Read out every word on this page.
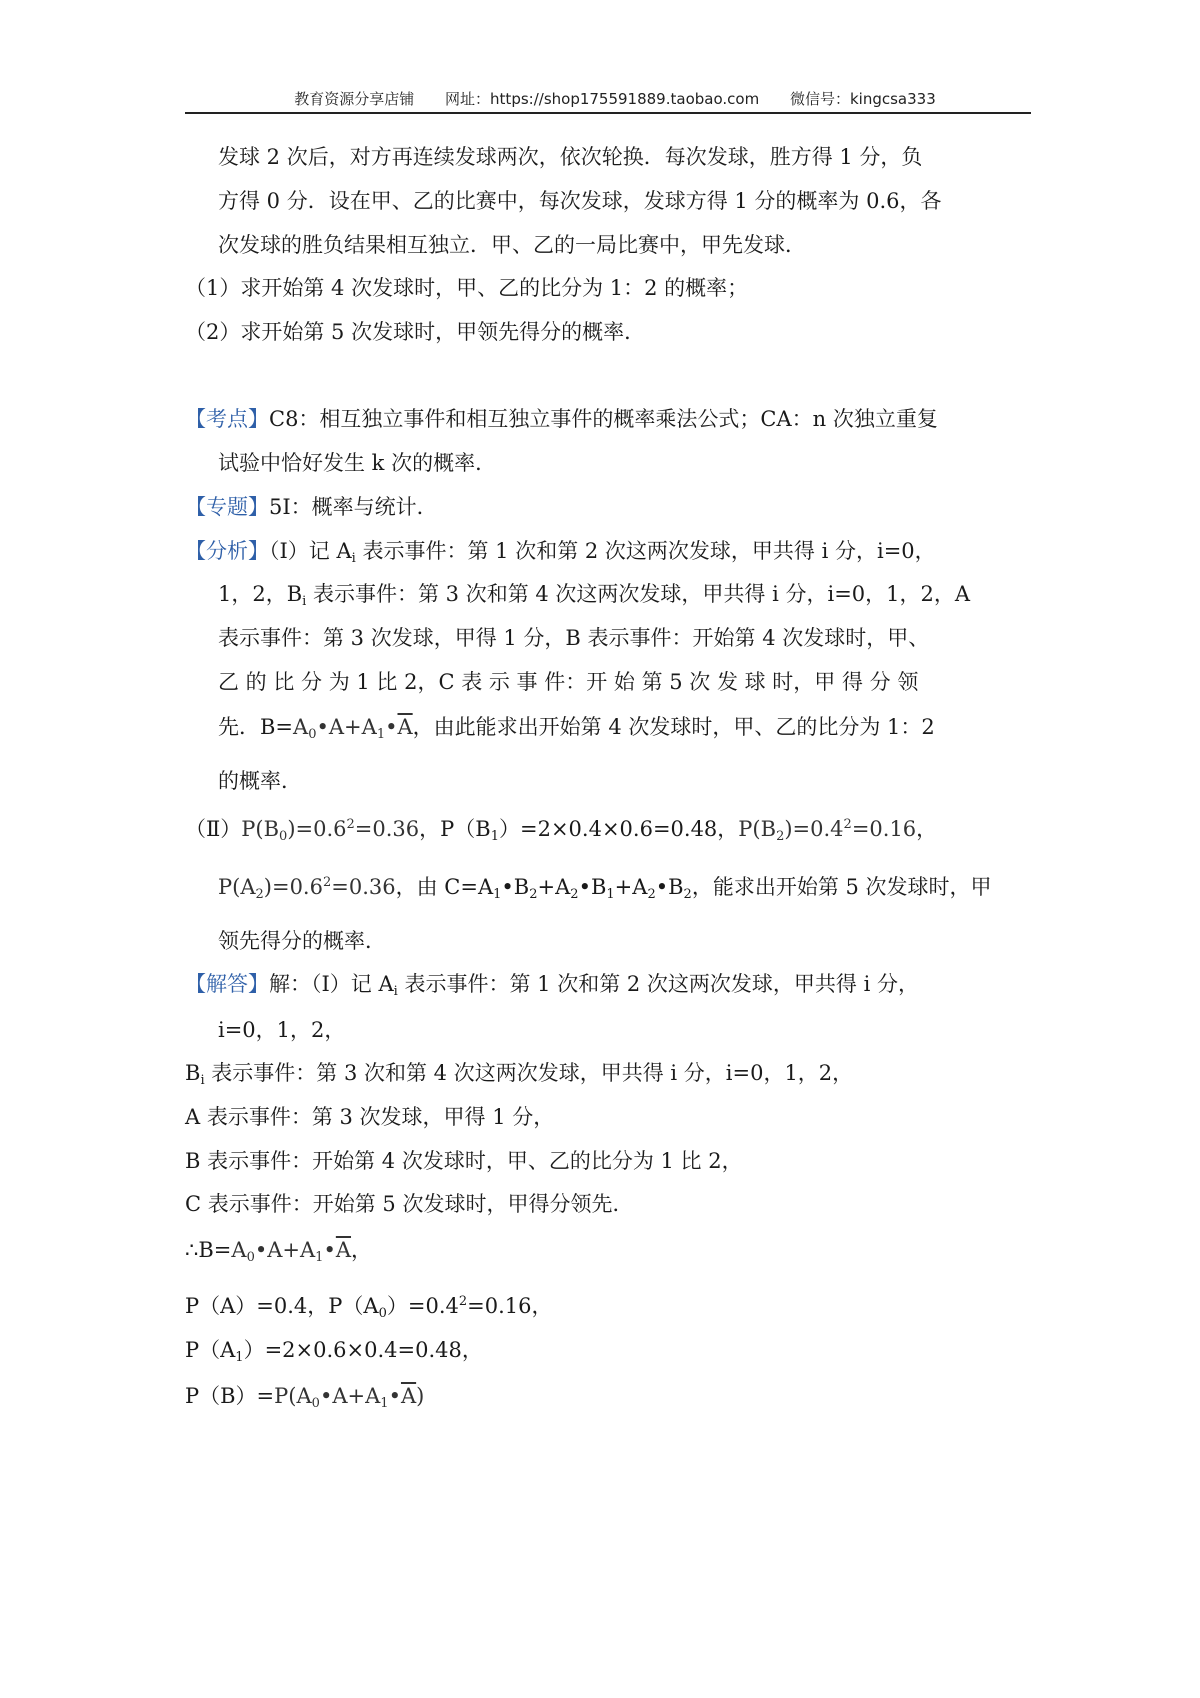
教育资源分享店铺 网址：https://shop175591889.taobao.com 微信号：kingcsa333
发球 2 次后，对方再连续发球两次，依次轮换．每次发球，胜方得 1 分，负
方得 0 分．设在甲、乙的比赛中，每次发球，发球方得 1 分的概率为 0.6，各
次发球的胜负结果相互独立．甲、乙的一局比赛中，甲先发球．
（1）求开始第 4 次发球时，甲、乙的比分为 1：2 的概率；
（2）求开始第 5 次发球时，甲领先得分的概率．
【考点】C8：相互独立事件和相互独立事件的概率乘法公式；CA：n 次独立重复
试验中恰好发生 k 次的概率．
【专题】5I：概率与统计．
【分析】（Ⅰ）记 $A_i$ 表示事件：第 1 次和第 2 次这两次发球，甲共得 i 分，i=0，
1，2，$B_i$ 表示事件：第 3 次和第 4 次这两次发球，甲共得 i 分，i=0，1，2，A
表示事件：第 3 次发球，甲得 1 分，B 表示事件：开始第 4 次发球时，甲、
乙 的 比 分 为 1 比 2，C 表 示 事 件：开 始 第 5 次 发 球 时，甲 得 分 领
先．$B=A_0•A+A_1•\overline{A}$，由此能求出开始第 4 次发球时，甲、乙的比分为 1：2
的概率．
$(Ⅱ)P(B_0)=0.6^2=0.36$，$P(B_1)=2\times 0.4\times 0.6=0.48$，$P(B_2)=0.4^2=0.16$，
$P(A_2)=0.6^2=0.36$，由 $C=A_1•B_2+A_2•B_1+A_2•B_2$，能求出开始第 5 次发球时，甲
领先得分的概率．
【解答】解：（Ⅰ）记 $A_i$ 表示事件：第 1 次和第 2 次这两次发球，甲共得 i 分，
i=0，1，2，
$B_i$ 表示事件：第 3 次和第 4 次这两次发球，甲共得 i 分，i=0，1，2，
A 表示事件：第 3 次发球，甲得 1 分，
B 表示事件：开始第 4 次发球时，甲、乙的比分为 1 比 2，
C 表示事件：开始第 5 次发球时，甲得分领先．
$\therefore B=A_0•A+A_1•\overline{A}$，
P（A）=0.4，$P(A_0)=0.4^2=0.16$，
$P(A_1)=2\times 0.6\times 0.4=0.48$，
$P(B)=P(A_0•A+A_1•\overline{A})$
